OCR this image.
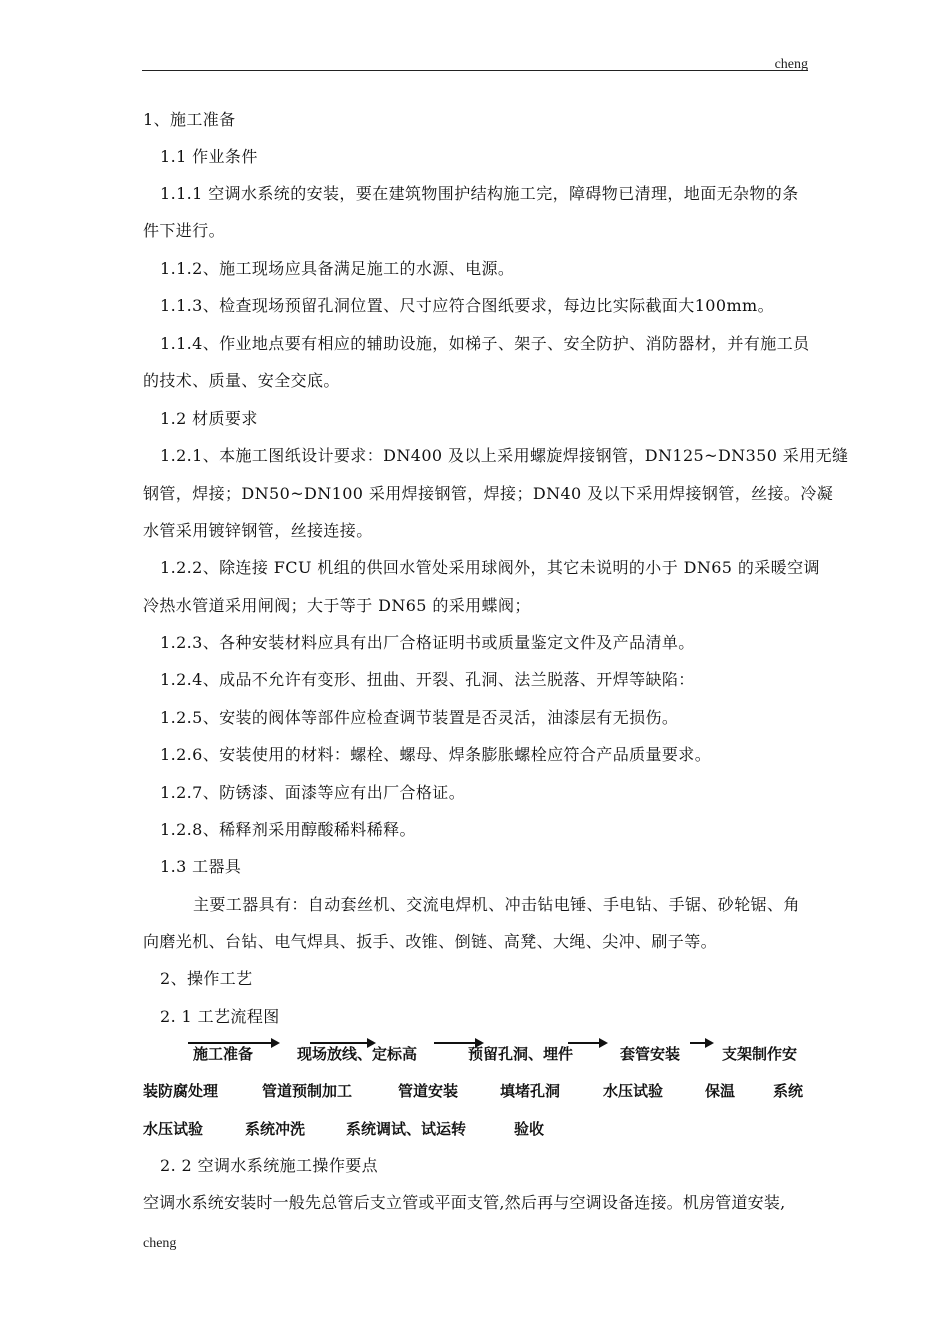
cheng
1、施工准备
1.1 作业条件
1.1.1 空调水系统的安装，要在建筑物围护结构施工完，障碍物已清理，地面无杂物的条
件下进行。
1.1.2、施工现场应具备满足施工的水源、电源。
1.1.3、检查现场预留孔洞位置、尺寸应符合图纸要求，每边比实际截面大100mm。
1.1.4、作业地点要有相应的辅助设施，如梯子、架子、安全防护、消防器材，并有施工员
的技术、质量、安全交底。
1.2 材质要求
1.2.1、本施工图纸设计要求：DN400 及以上采用螺旋焊接钢管，DN125~DN350 采用无缝
钢管，焊接；DN50~DN100 采用焊接钢管，焊接；DN40 及以下采用焊接钢管，丝接。冷凝
水管采用镀锌钢管，丝接连接。
1.2.2、除连接 FCU 机组的供回水管处采用球阀外，其它未说明的小于 DN65 的采暖空调
冷热水管道采用闸阀；大于等于 DN65 的采用蝶阀；
1.2.3、各种安装材料应具有出厂合格证明书或质量鉴定文件及产品清单。
1.2.4、成品不允许有变形、扭曲、开裂、孔洞、法兰脱落、开焊等缺陷：
1.2.5、安装的阀体等部件应检查调节装置是否灵活，油漆层有无损伤。
1.2.6、安装使用的材料：螺栓、螺母、焊条膨胀螺栓应符合产品质量要求。
1.2.7、防锈漆、面漆等应有出厂合格证。
1.2.8、稀释剂采用醇酸稀料稀释。
1.3 工器具
主要工器具有：自动套丝机、交流电焊机、冲击钻电锤、手电钻、手锯、砂轮锯、角
向磨光机、台钻、电气焊具、扳手、改锥、倒链、高凳、大绳、尖冲、刷子等。
2、操作工艺
2. 1 工艺流程图
施工准备	现场放线、定标高	预留孔洞、埋件	套管安装	支架制作安
装防腐处理	管道预制加工	管道安装	填堵孔洞	水压试验	保温	系统
水压试验	系统冲洗	系统调试、试运转	验收
2. 2 空调水系统施工操作要点
空调水系统安装时一般先总管后支立管或平面支管,然后再与空调设备连接。机房管道安装,
cheng
